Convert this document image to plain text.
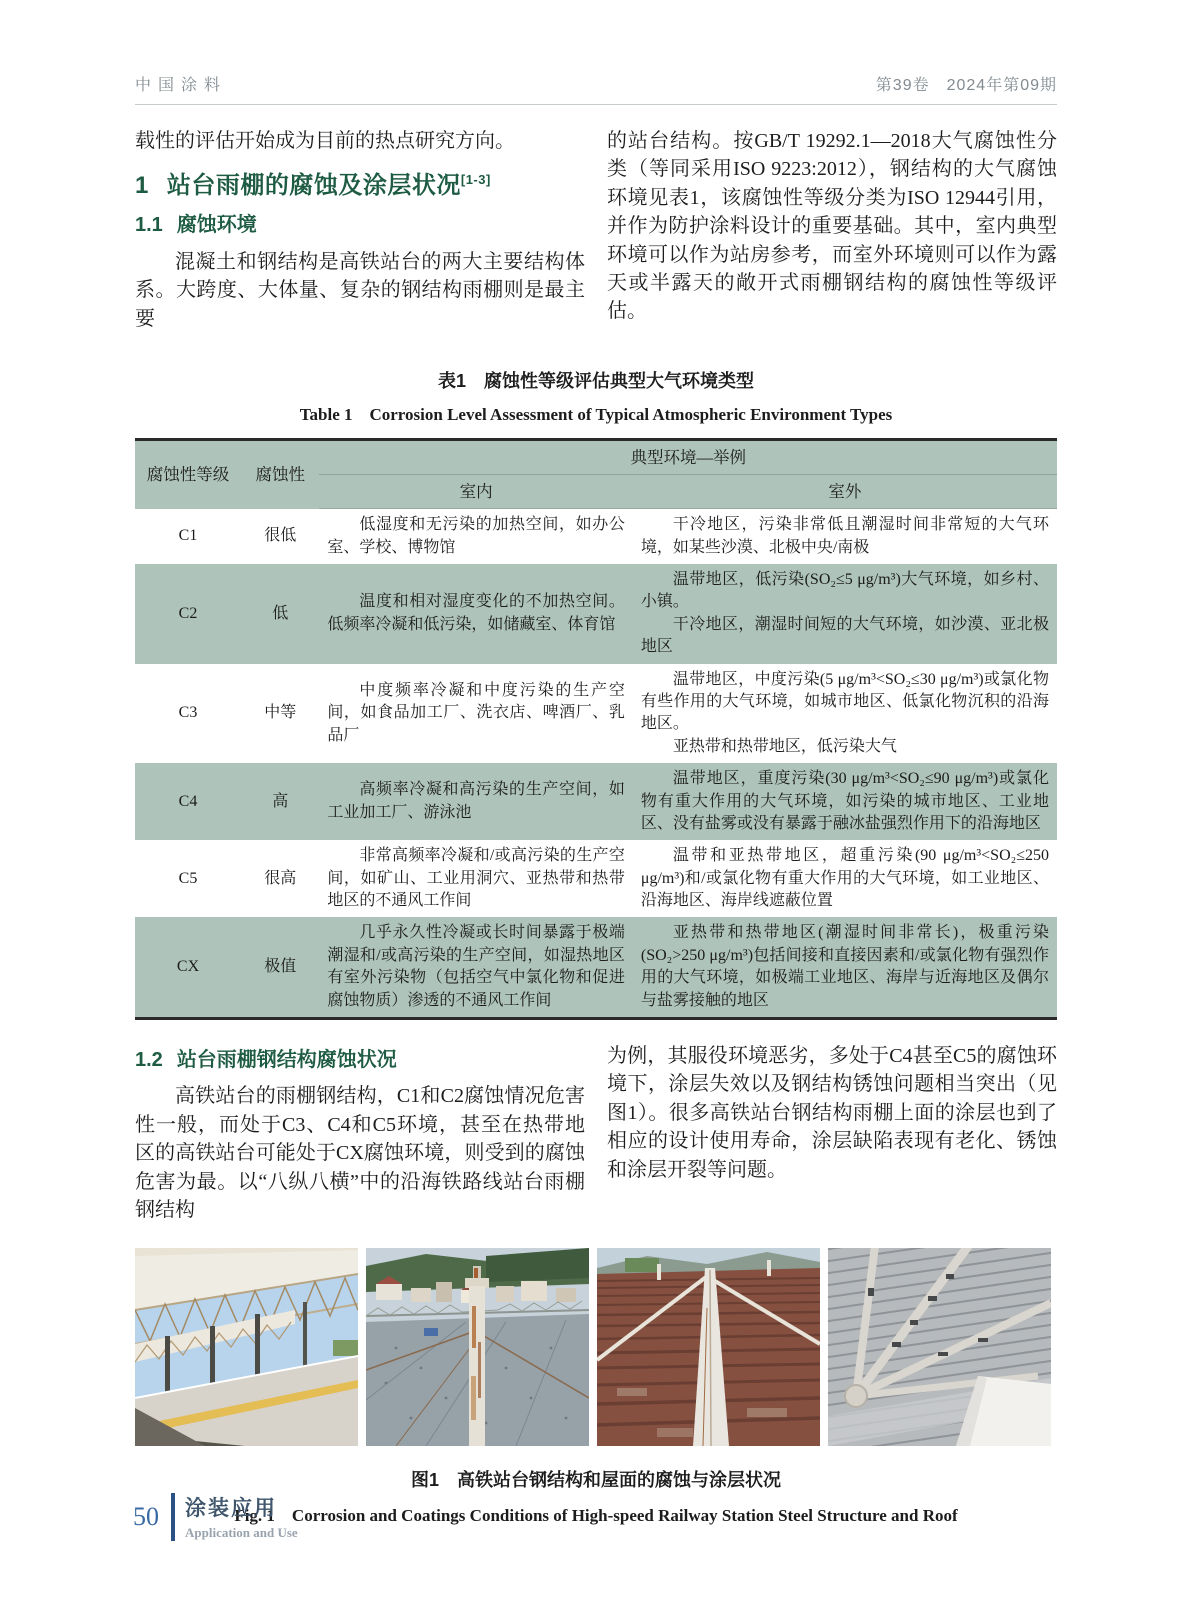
中国涂料	第39卷　2024年第09期

载性的评估开始成为目前的热点研究方向。

1 站台雨棚的腐蚀及涂层状况[1-3]
1.1 腐蚀环境

混凝土和钢结构是高铁站台的两大主要结构体系。大跨度、大体量、复杂的钢结构雨棚则是最主要

的站台结构。按GB/T 19292.1—2018大气腐蚀性分类（等同采用ISO 9223:2012），钢结构的大气腐蚀环境见表1，该腐蚀性等级分类为ISO 12944引用，并作为防护涂料设计的重要基础。其中，室内典型环境可以作为站房参考，而室外环境则可以作为露天或半露天的敞开式雨棚钢结构的腐蚀性等级评估。

表1　腐蚀性等级评估典型大气环境类型
Table 1　Corrosion Level Assessment of Typical Atmospheric Environment Types
腐蚀性等级	腐蚀性	典型环境—举例	
		室内	室外
C1	很低	低湿度和无污染的加热空间，如办公室、学校、博物馆	干冷地区，污染非常低且潮湿时间非常短的大气环境，如某些沙漠、北极中央/南极

C2	低	温度和相对湿度变化的不加热空间。低频率冷凝和低污染，如储藏室、体育馆	温带地区，低污染(SO₂≤5 μg/m³)大气环境，如乡村、小镇。

干冷地区，潮湿时间短的大气环境，如沙漠、亚北极地区

C3	中等	中度频率冷凝和中度污染的生产空间，如食品加工厂、洗衣店、啤酒厂、乳品厂	温带地区，中度污染(5 μg/m³<SO₂≤30 μg/m³)或氯化物有些作用的大气环境，如城市地区、低氯化物沉积的沿海地区。

亚热带和热带地区，低污染大气

C4	高	高频率冷凝和高污染的生产空间，如工业加工厂、游泳池	温带地区，重度污染(30 μg/m³<SO₂≤90 μg/m³)或氯化物有重大作用的大气环境，如污染的城市地区、工业地区、没有盐雾或没有暴露于融冰盐强烈作用下的沿海地区

C5	很高	非常高频率冷凝和/或高污染的生产空间，如矿山、工业用洞穴、亚热带和热带地区的不通风工作间	温带和亚热带地区，超重污染(90 μg/m³<SO₂≤250 μg/m³)和/或氯化物有重大作用的大气环境，如工业地区、沿海地区、海岸线遮蔽位置

CX	极值	几乎永久性冷凝或长时间暴露于极端潮湿和/或高污染的生产空间，如湿热地区有室外污染物（包括空气中氯化物和促进腐蚀物质）渗透的不通风工作间	亚热带和热带地区(潮湿时间非常长)，极重污染(SO₂>250 μg/m³)包括间接和直接因素和/或氯化物有强烈作用的大气环境，如极端工业地区、海岸与近海地区及偶尔与盐雾接触的地区

1.2 站台雨棚钢结构腐蚀状况

高铁站台的雨棚钢结构，C1和C2腐蚀情况危害性一般，而处于C3、C4和C5环境，甚至在热带地区的高铁站台可能处于CX腐蚀环境，则受到的腐蚀危害为最。以“八纵八横”中的沿海铁路线站台雨棚钢结构

为例，其服役环境恶劣，多处于C4甚至C5的腐蚀环境下，涂层失效以及钢结构锈蚀问题相当突出（见图1）。很多高铁站台钢结构雨棚上面的涂层也到了相应的设计使用寿命，涂层缺陷表现有老化、锈蚀和涂层开裂等问题。

图1　高铁站台钢结构和屋面的腐蚀与涂层状况
Fig. 1　Corrosion and Coatings Conditions of High-speed Railway Station Steel Structure and Roof
50 涂装应用
Application and Use
